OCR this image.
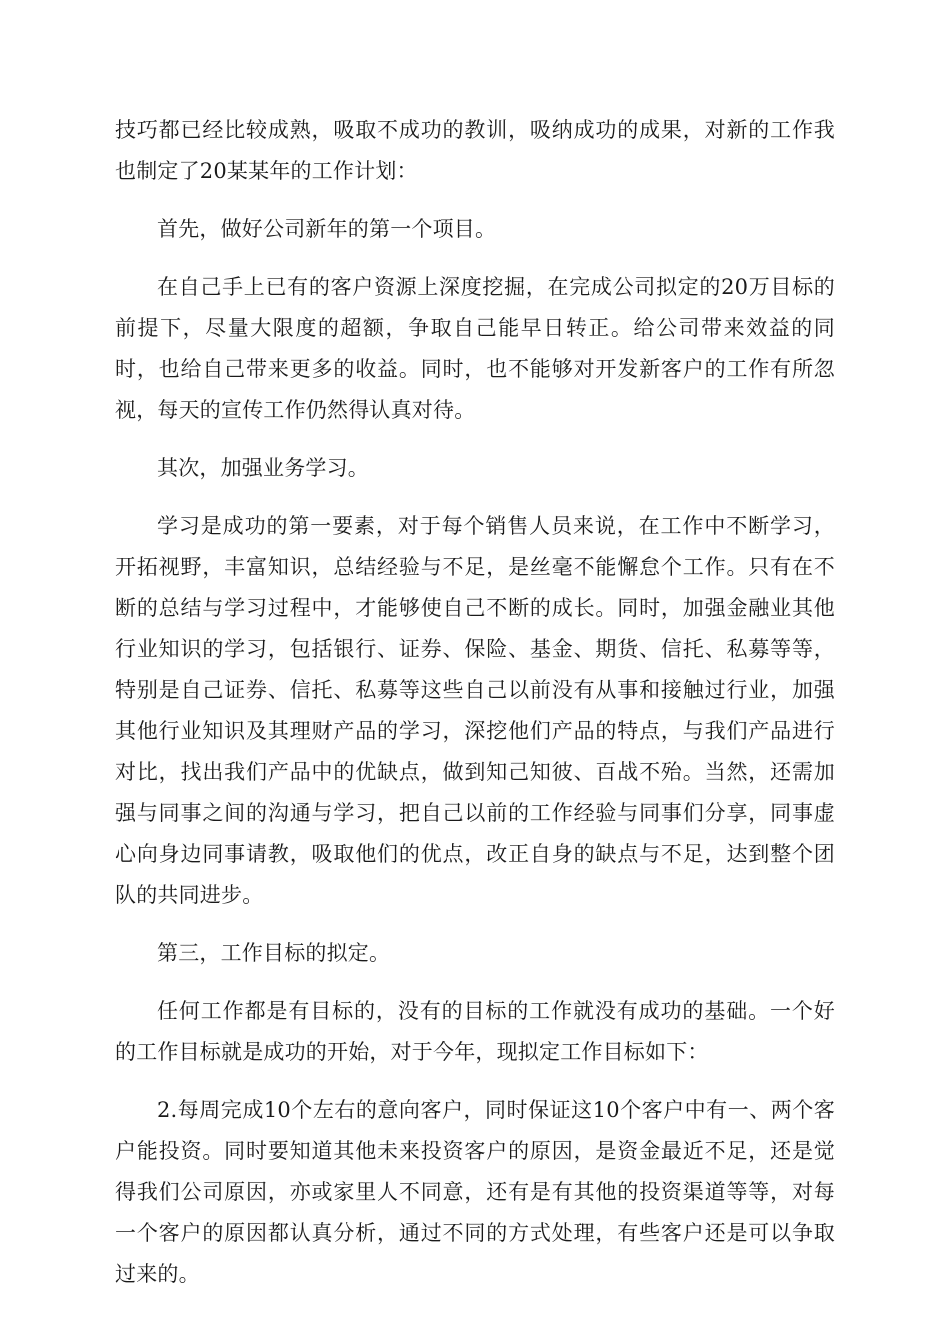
技巧都已经比较成熟，吸取不成功的教训，吸纳成功的成果，对新的工作我也制定了20某某年的工作计划：

首先，做好公司新年的第一个项目。

在自己手上已有的客户资源上深度挖掘，在完成公司拟定的20万目标的前提下，尽量大限度的超额，争取自己能早日转正。给公司带来效益的同时，也给自己带来更多的收益。同时，也不能够对开发新客户的工作有所忽视，每天的宣传工作仍然得认真对待。

其次，加强业务学习。

学习是成功的第一要素，对于每个销售人员来说，在工作中不断学习，开拓视野，丰富知识，总结经验与不足，是丝毫不能懈怠个工作。只有在不断的总结与学习过程中，才能够使自己不断的成长。同时，加强金融业其他行业知识的学习，包括银行、证券、保险、基金、期货、信托、私募等等，特别是自己证券、信托、私募等这些自己以前没有从事和接触过行业，加强其他行业知识及其理财产品的学习，深挖他们产品的特点，与我们产品进行对比，找出我们产品中的优缺点，做到知己知彼、百战不殆。当然，还需加强与同事之间的沟通与学习，把自己以前的工作经验与同事们分享，同事虚心向身边同事请教，吸取他们的优点，改正自身的缺点与不足，达到整个团队的共同进步。

第三，工作目标的拟定。

任何工作都是有目标的，没有的目标的工作就没有成功的基础。一个好的工作目标就是成功的开始，对于今年，现拟定工作目标如下：

2.每周完成10个左右的意向客户，同时保证这10个客户中有一、两个客户能投资。同时要知道其他未来投资客户的原因，是资金最近不足，还是觉得我们公司原因，亦或家里人不同意，还有是有其他的投资渠道等等，对每一个客户的原因都认真分析，通过不同的方式处理，有些客户还是可以争取过来的。
